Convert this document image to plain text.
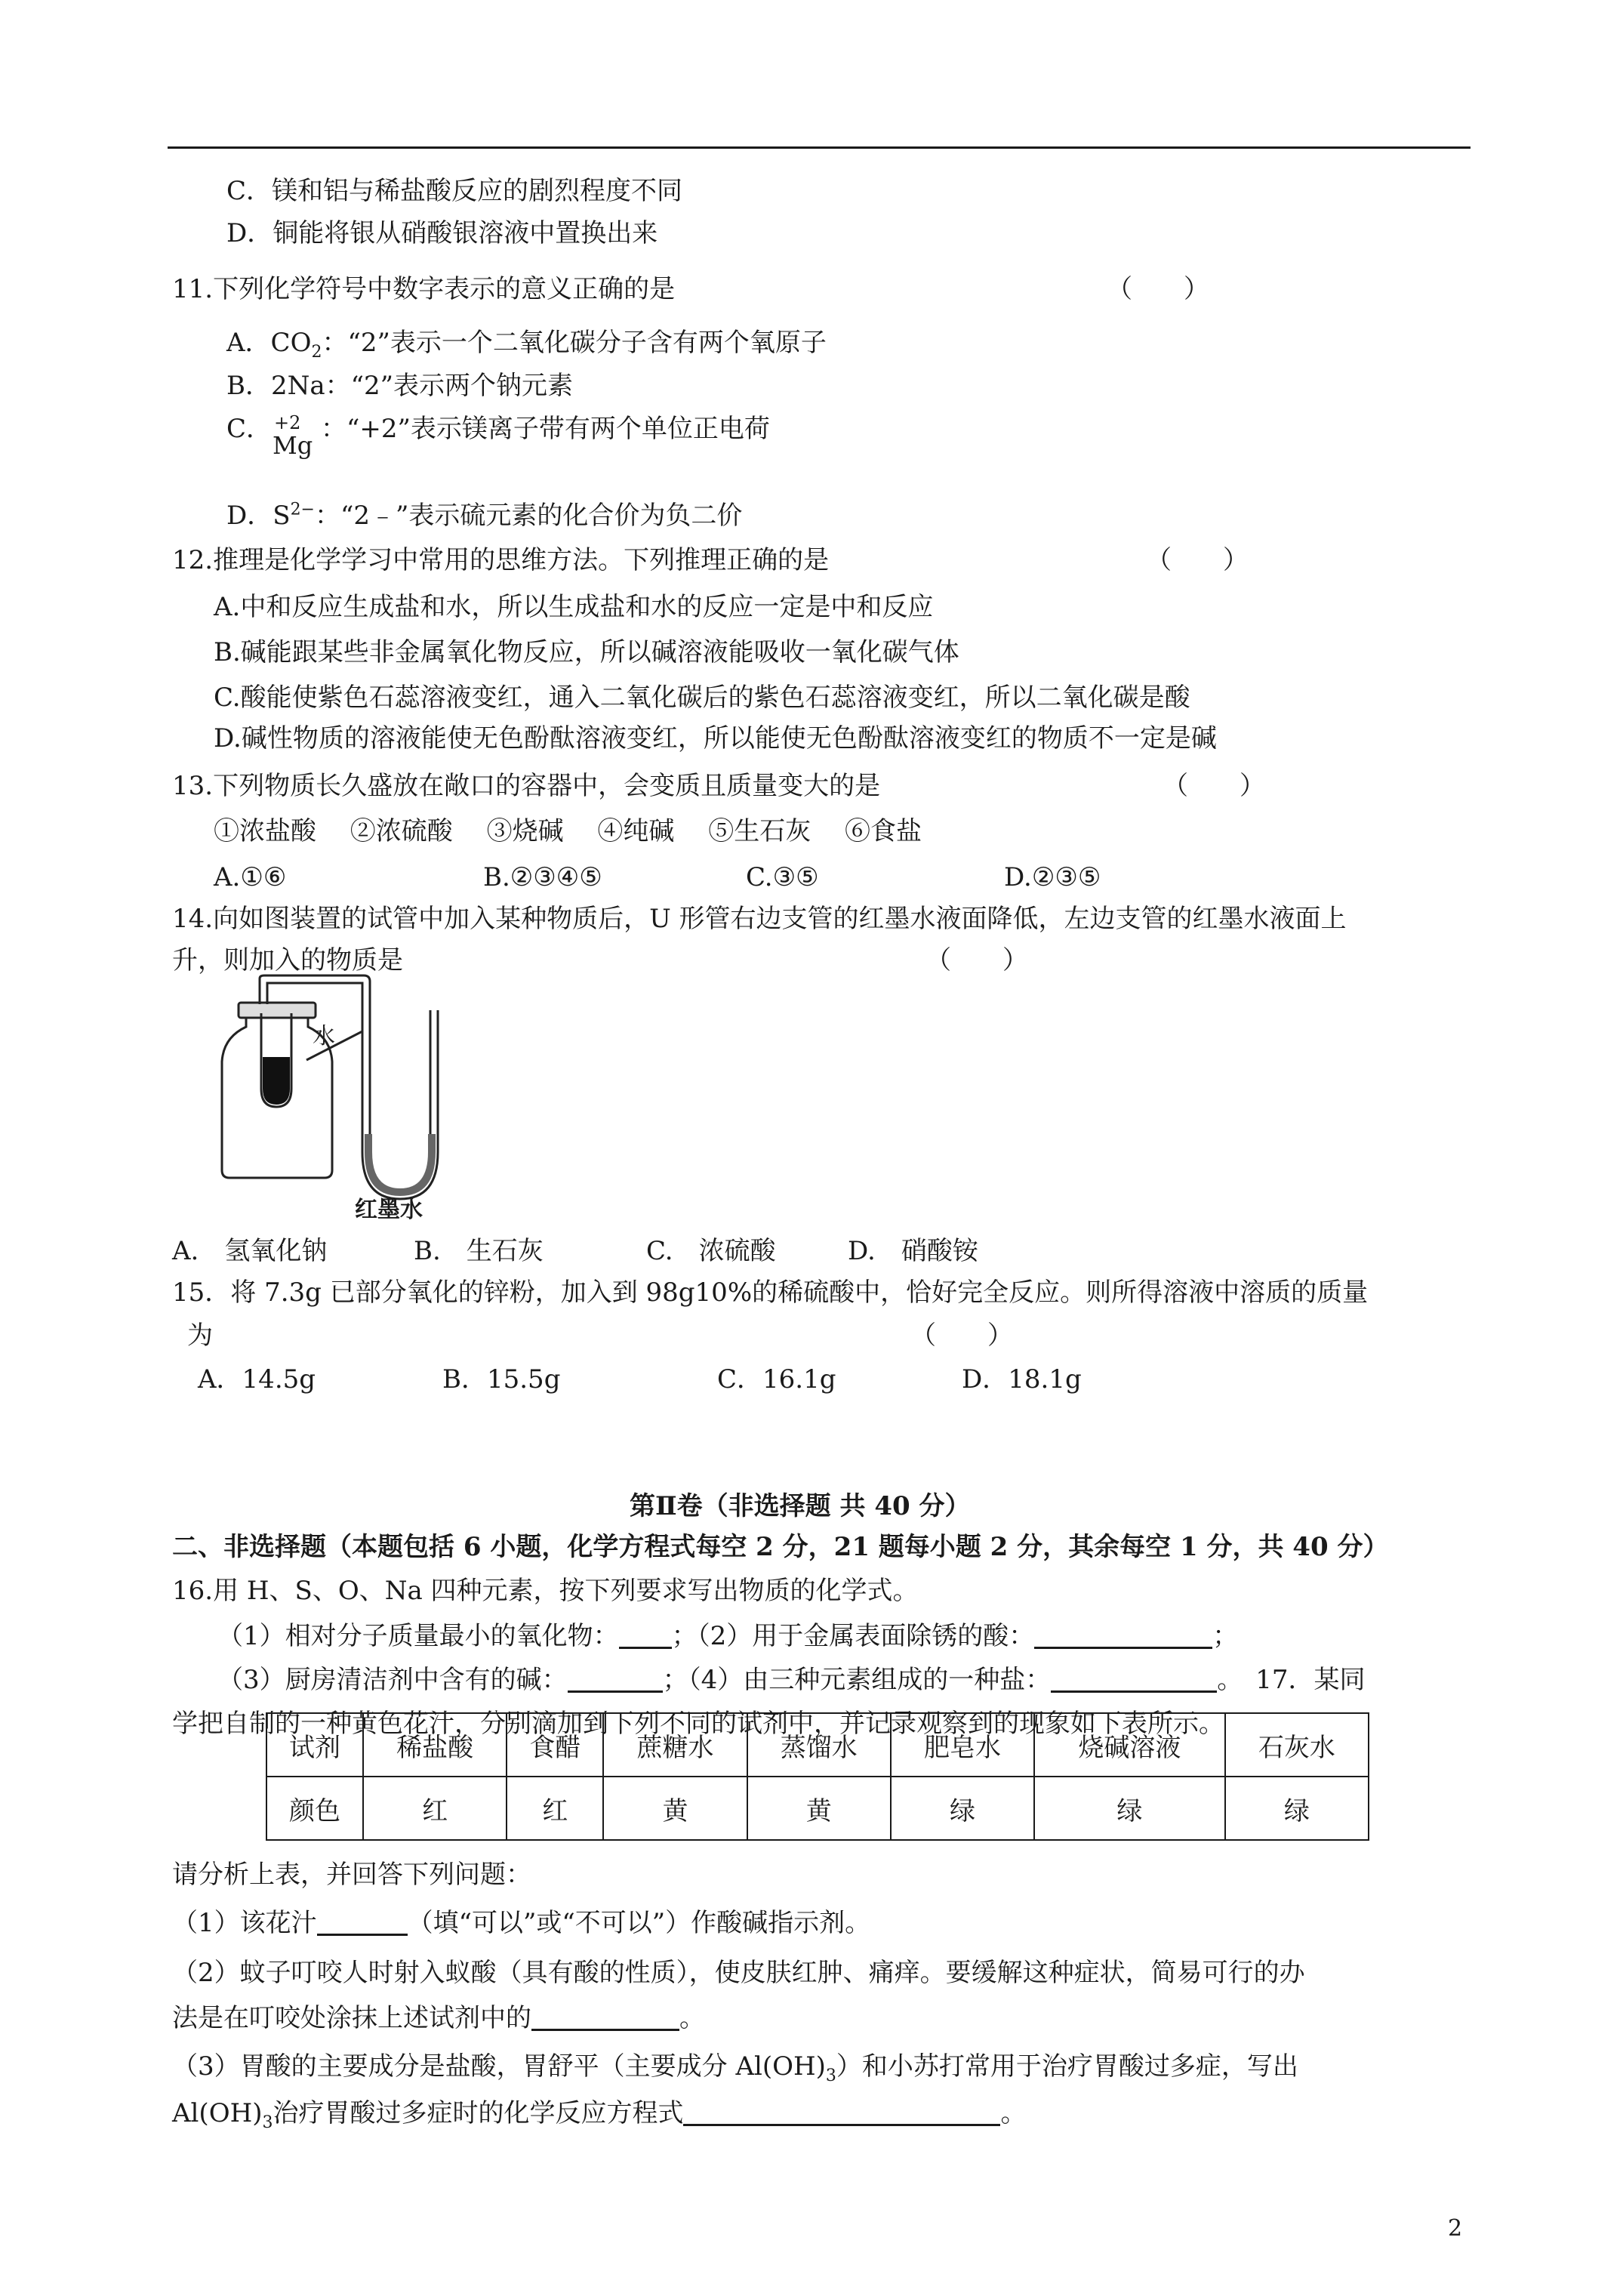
C．镁和铝与稀盐酸反应的剧烈程度不同
D．铜能将银从硝酸银溶液中置换出来
11.下列化学符号中数字表示的意义正确的是	（　　）
A．$CO_2$：“2”表示一个二氧化碳分子含有两个氧原子
B．2Na：“2”表示两个钠元素
C． +2
Mg
：“+2”表示镁离子带有两个单位正电荷
D．$S^{2-}$：“2﹣”表示硫元素的化合价为负二价
12.推理是化学学习中常用的思维方法。下列推理正确的是	（　　）
A.中和反应生成盐和水，所以生成盐和水的反应一定是中和反应
B.碱能跟某些非金属氧化物反应，所以碱溶液能吸收一氧化碳气体
C.酸能使紫色石蕊溶液变红，通入二氧化碳后的紫色石蕊溶液变红，所以二氧化碳是酸
D.碱性物质的溶液能使无色酚酞溶液变红，所以能使无色酚酞溶液变红的物质不一定是碱
13.下列物质长久盛放在敞口的容器中，会变质且质量变大的是	（　　）
①浓盐酸　 ②浓硫酸　 ③烧碱　 ④纯碱　 ⑤生石灰　 ⑥食盐
A.①⑥	B.②③④⑤	C.③⑤	D.②③⑤
14.向如图装置的试管中加入某种物质后，U 形管右边支管的红墨水液面降低，左边支管的红墨水液面上
升，则加入的物质是	（　　）
水
红墨水
A.　氢氧化钠	B.　生石灰	C.　浓硫酸	D.　硝酸铵
15．将 7.3g 已部分氧化的锌粉，加入到 98g10%的稀硫酸中，恰好完全反应。则所得溶液中溶质的质量
为	（　　）
A．14.5g	B．15.5g	C．16.1g	D．18.1g
第Ⅱ卷（非选择题 共 40 分）
二、非选择题（本题包括 6 小题，化学方程式每空 2 分，21 题每小题 2 分，其余每空 1 分，共 40 分）
16.用 H、S、O、Na 四种元素，按下列要求写出物质的化学式。
（1）相对分子质量最小的氧化物： ；（2）用于金属表面除锈的酸：	；
（3）厨房清洁剂中含有的碱：	；（4）由三种元素组成的一种盐：	。　17．某同
学把自制的一种黄色花汁，分别滴加到下列不同的试剂中，并记录观察到的现象如下表所示。
试剂	稀盐酸	食醋	蔗糖水	蒸馏水	肥皂水	烧碱溶液	石灰水
颜色	红	红	黄	黄	绿	绿	绿
请分析上表，并回答下列问题：
（1）该花汁	（填“可以”或“不可以”）作酸碱指示剂。
（2）蚊子叮咬人时射入蚁酸（具有酸的性质），使皮肤红肿、痛痒。要缓解这种症状，简易可行的办
法是在叮咬处涂抹上述试剂中的	。
（3）胃酸的主要成分是盐酸，胃舒平（主要成分 $Al(OH)_3$）和小苏打常用于治疗胃酸过多症，写出
$Al(OH)_3$治疗胃酸过多症时的化学反应方程式	。
2
